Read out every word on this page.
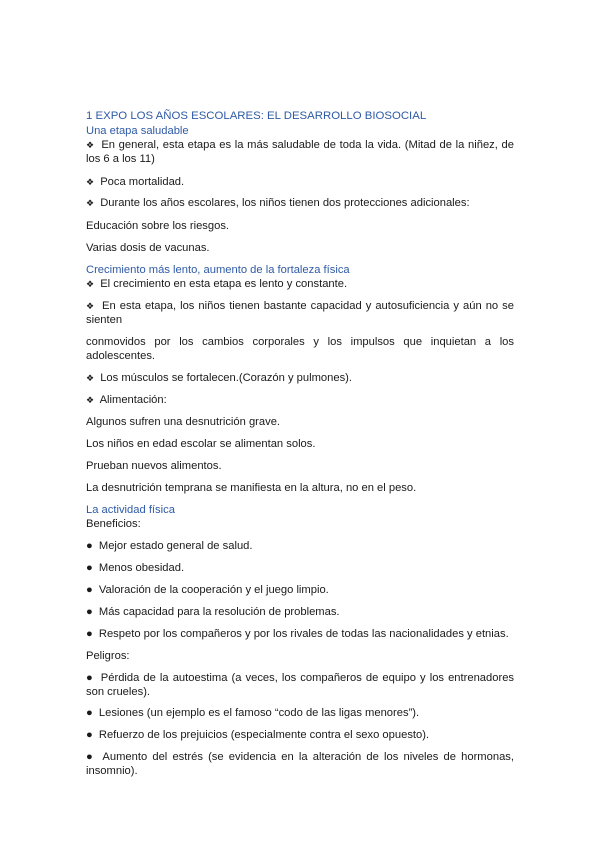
1 EXPO LOS AÑOS ESCOLARES: EL DESARROLLO BIOSOCIAL
Una etapa saludable
❖ En general, esta etapa es la más saludable de toda la vida. (Mitad de la niñez, de los 6 a los 11)
❖ Poca mortalidad.
❖ Durante los años escolares, los niños tienen dos protecciones adicionales:
Educación sobre los riesgos.
Varias dosis de vacunas.
Crecimiento más lento, aumento de la fortaleza física
❖ El crecimiento en esta etapa es lento y constante.
❖ En esta etapa, los niños tienen bastante capacidad y autosuficiencia y aún no se sienten
conmovidos por los cambios corporales y los impulsos que inquietan a los adolescentes.
❖ Los músculos se fortalecen.(Corazón y pulmones).
❖ Alimentación:
Algunos sufren una desnutrición grave.
Los niños en edad escolar se alimentan solos.
Prueban nuevos alimentos.
La desnutrición temprana se manifiesta en la altura, no en el peso.
La actividad física
Beneficios:
● Mejor estado general de salud.
● Menos obesidad.
● Valoración de la cooperación y el juego limpio.
● Más capacidad para la resolución de problemas.
● Respeto por los compañeros y por los rivales de todas las nacionalidades y etnias.
Peligros:
● Pérdida de la autoestima (a veces, los compañeros de equipo y los entrenadores son crueles).
● Lesiones (un ejemplo es el famoso “codo de las ligas menores”).
● Refuerzo de los prejuicios (especialmente contra el sexo opuesto).
● Aumento del estrés (se evidencia en la alteración de los niveles de hormonas, insomnio).
